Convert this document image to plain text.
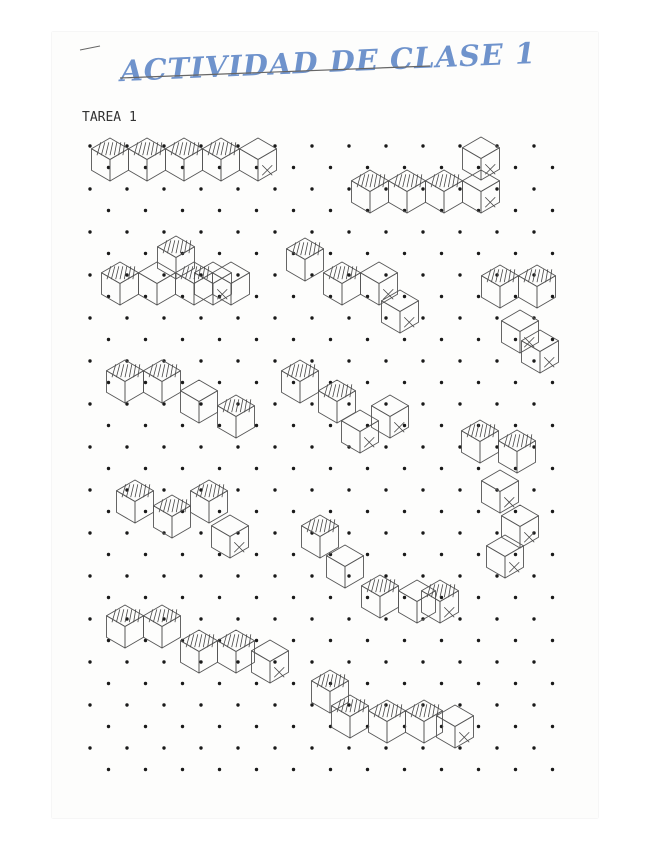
ACTIVIDAD DE CLASE 1
TAREA 1
